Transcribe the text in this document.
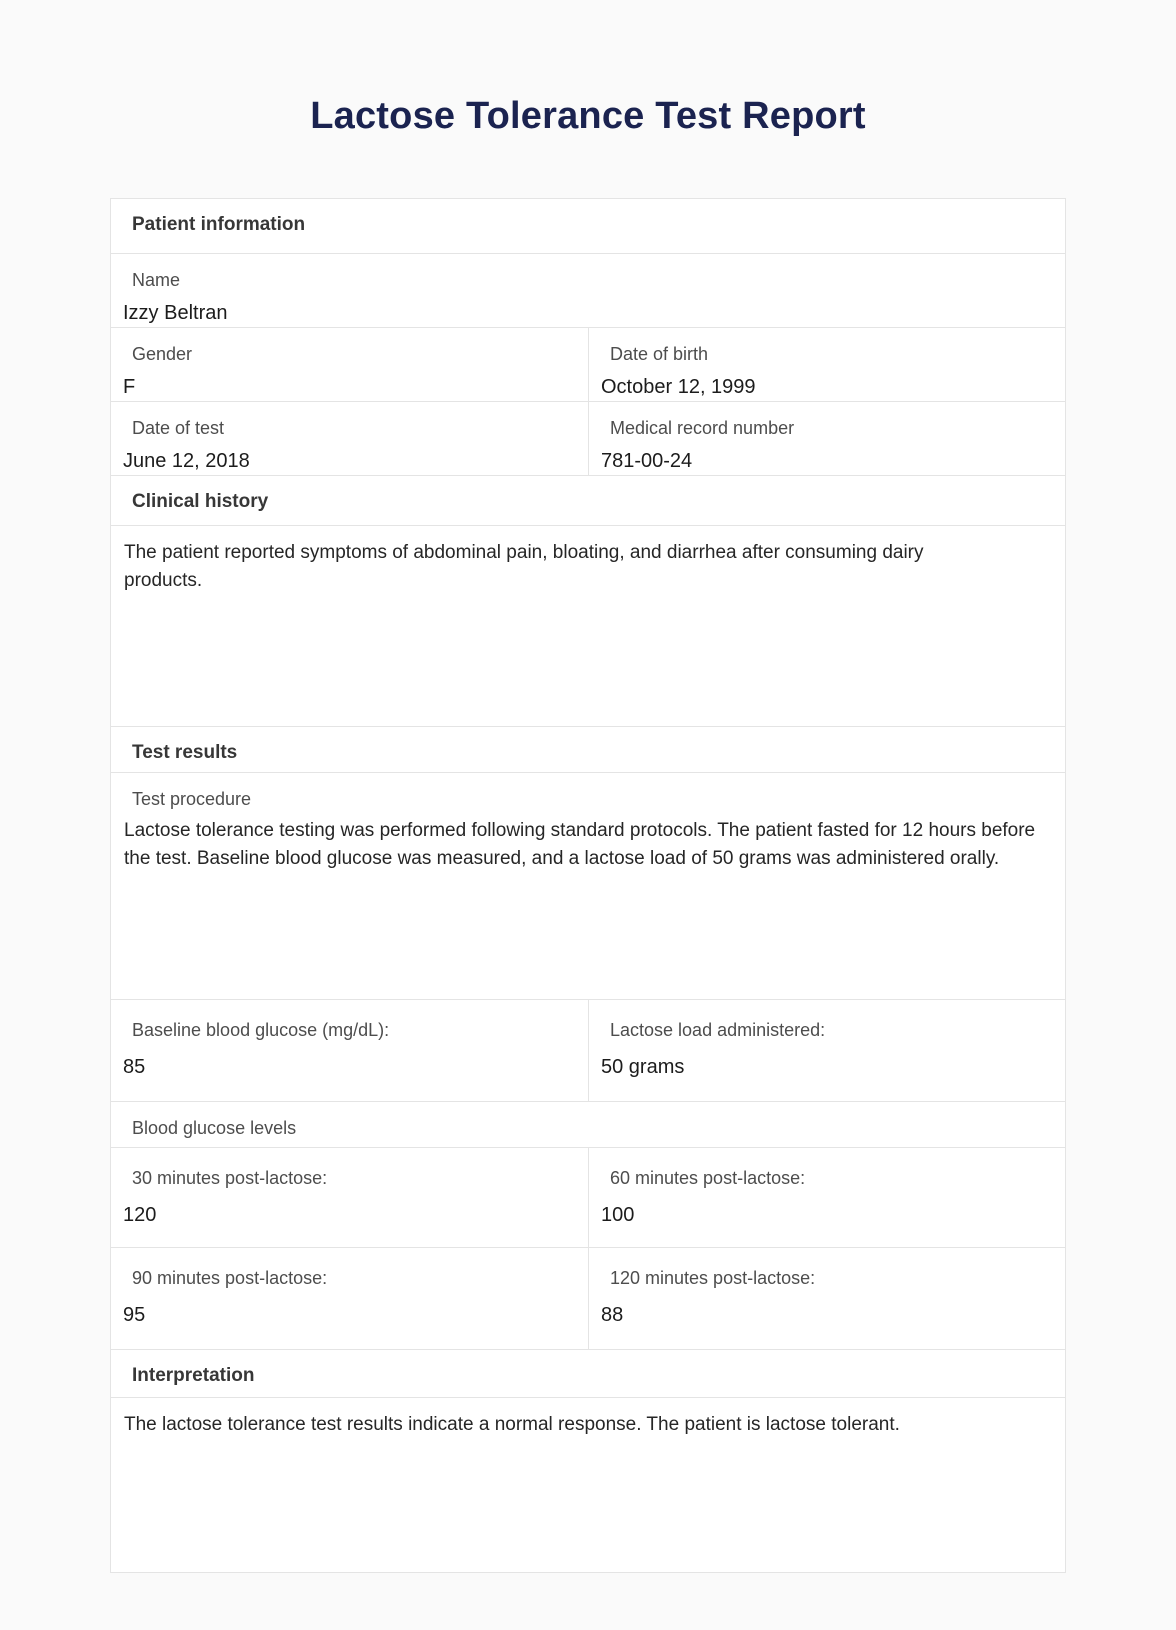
Lactose Tolerance Test Report
Patient information
Name
Izzy Beltran
Gender
F
Date of birth
October 12, 1999
Date of test
June 12, 2018
Medical record number
781-00-24
Clinical history
The patient reported symptoms of abdominal pain, bloating, and diarrhea after consuming dairy products.
Test results
Test procedure
Lactose tolerance testing was performed following standard protocols. The patient fasted for 12 hours before the test. Baseline blood glucose was measured, and a lactose load of 50 grams was administered orally.
Baseline blood glucose (mg/dL):
85
Lactose load administered:
50 grams
Blood glucose levels
30 minutes post-lactose:
120
60 minutes post-lactose:
100
90 minutes post-lactose:
95
120 minutes post-lactose:
88
Interpretation
The lactose tolerance test results indicate a normal response. The patient is lactose tolerant.
